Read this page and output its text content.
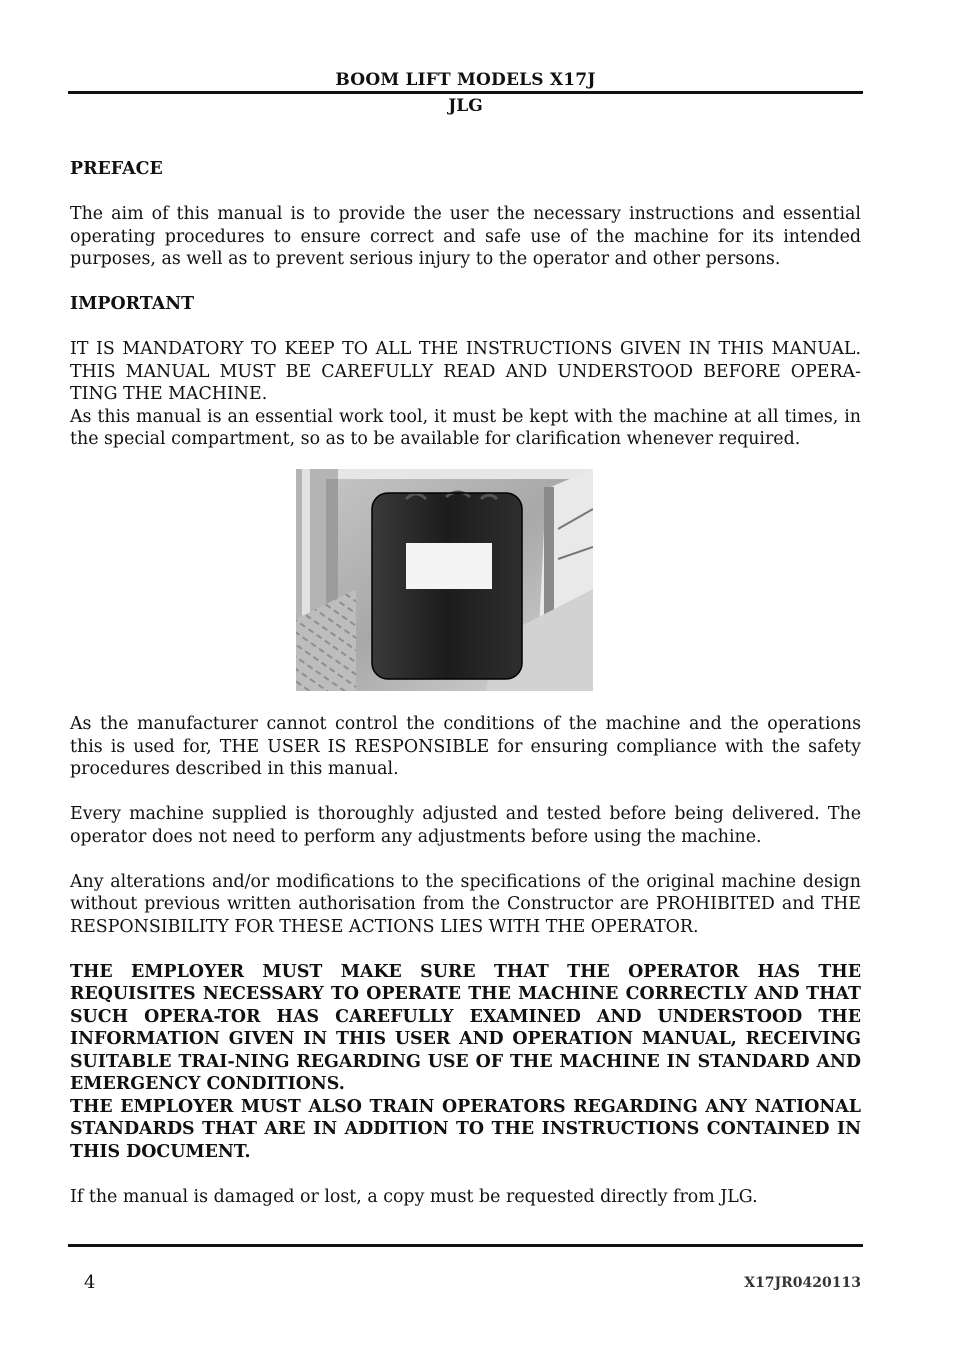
BOOM LIFT MODELS X17J
JLG

PREFACE

The aim of this manual is to provide the user the necessary instructions and essential operating procedures to ensure correct and safe use of the machine for its intended purposes, as well as to prevent serious injury to the operator and other persons.

IMPORTANT

IT IS MANDATORY TO KEEP TO ALL THE INSTRUCTIONS GIVEN IN THIS MANUAL. THIS MANUAL MUST BE CAREFULLY READ AND UNDERSTOOD BEFORE OPERA-TING THE MACHINE.

As this manual is an essential work tool, it must be kept with the machine at all times, in the special compartment, so as to be available for clarification whenever required.

As the manufacturer cannot control the conditions of the machine and the operations this is used for, THE USER IS RESPONSIBLE for ensuring compliance with the safety procedures described in this manual.

Every machine supplied is thoroughly adjusted and tested before being delivered. The operator does not need to perform any adjustments before using the machine.

Any alterations and/or modifications to the specifications of the original machine design without previous written authorisation from the Constructor are PROHIBITED and THE RESPONSIBILITY FOR THESE ACTIONS LIES WITH THE OPERATOR.

THE EMPLOYER MUST MAKE SURE THAT THE OPERATOR HAS THE REQUISITES NECESSARY TO OPERATE THE MACHINE CORRECTLY AND THAT SUCH OPERA-TOR HAS CAREFULLY EXAMINED AND UNDERSTOOD THE INFORMATION GIVEN IN THIS USER AND OPERATION MANUAL, RECEIVING SUITABLE TRAI-NING REGARDING USE OF THE MACHINE IN STANDARD AND EMERGENCY CONDITIONS.

THE EMPLOYER MUST ALSO TRAIN OPERATORS REGARDING ANY NATIONAL STANDARDS THAT ARE IN ADDITION TO THE INSTRUCTIONS CONTAINED IN THIS DOCUMENT.

If the manual is damaged or lost, a copy must be requested directly from JLG.

4	X17JR0420113
